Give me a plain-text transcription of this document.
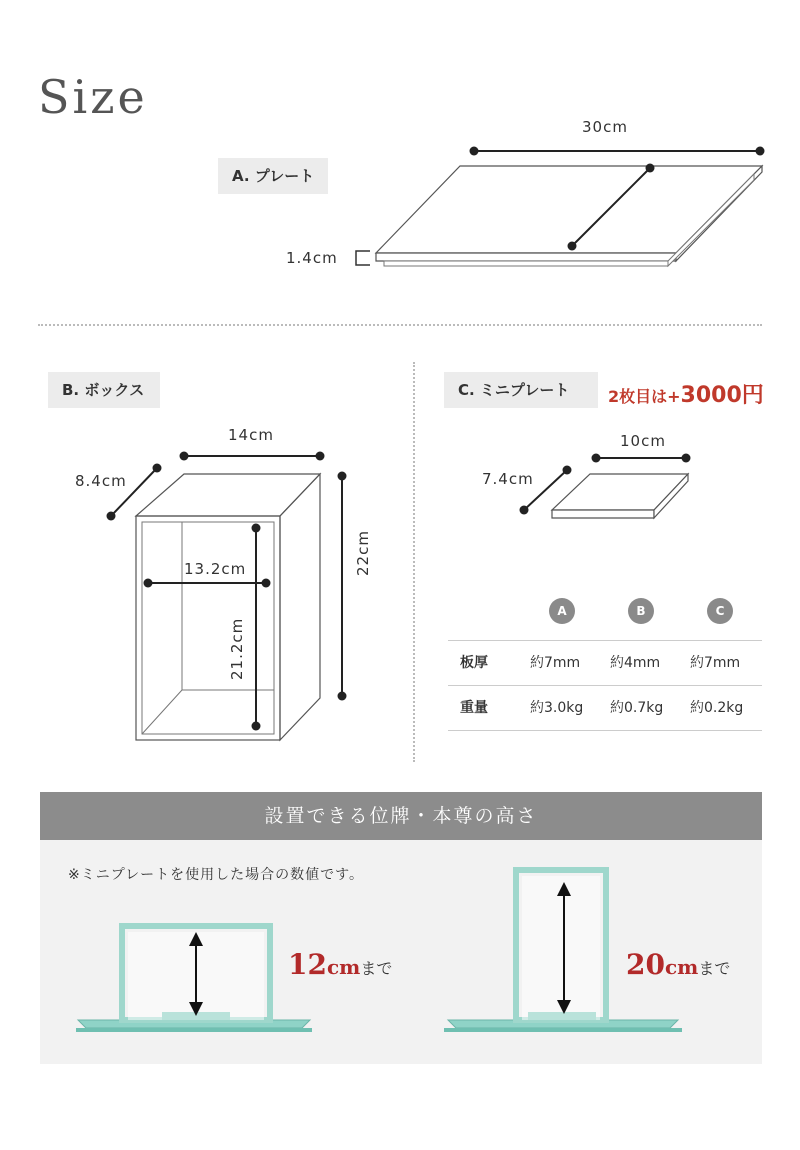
Size
A. プレート
30cm
1.4cm
B. ボックス
14cm
8.4cm
13.2cm	22cm
21.2cm
C. ミニプレート	2枚目は+3000円
10cm
7.4cm
A	B	C
板厚	約7mm 約4mm 約7mm
重量	約3.0kg 約0.7kg 約0.2kg
設置できる位牌・本尊の高さ
※ミニプレートを使用した場合の数値です。
12cmまで	20cmまで
